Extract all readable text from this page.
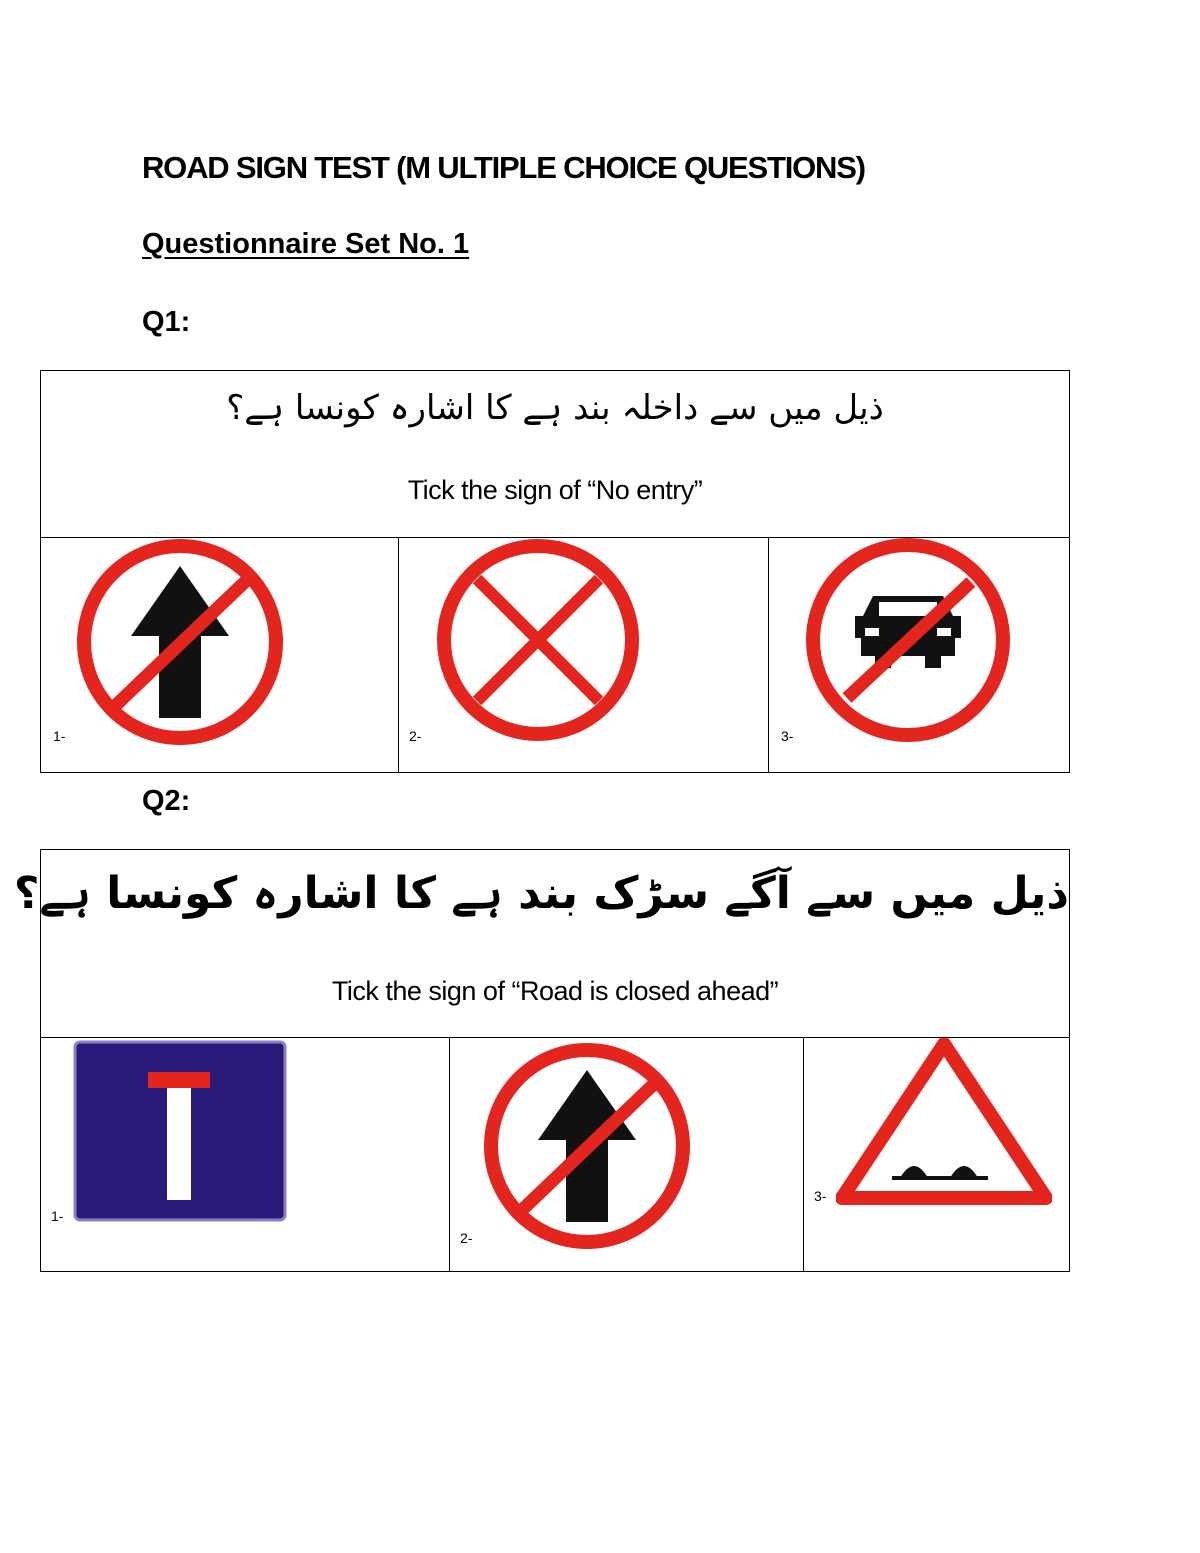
ROAD SIGN TEST (M ULTIPLE CHOICE QUESTIONS)
Questionnaire Set No. 1
Q1:
ذیل میں سے داخلہ بند ہے کا اشارہ کونسا ہے؟
Tick the sign of “No entry”
1-	2-	3-
Q2:
ذیل میں سے آگے سڑک بند ہے کا اشارہ کونسا ہے؟
Tick the sign of “Road is closed ahead”
1-
2-
3-
